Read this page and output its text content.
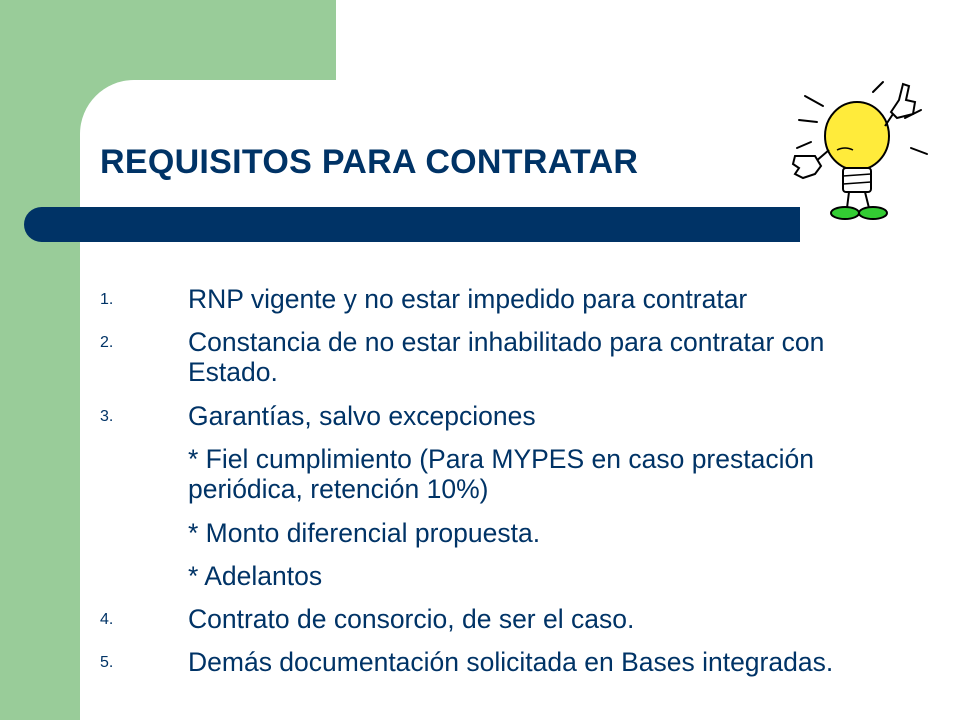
REQUISITOS PARA CONTRATAR
1.	RNP vigente y no estar impedido para contratar

2.	Constancia de no estar inhabilitado para contratar con Estado.

3.	Garantías, salvo excepciones

* Fiel cumplimiento (Para MYPES en caso prestación periódica, retención 10%)

* Monto diferencial propuesta.

* Adelantos

4.	Contrato de consorcio, de ser el caso.

5.	Demás documentación solicitada en Bases integradas.
